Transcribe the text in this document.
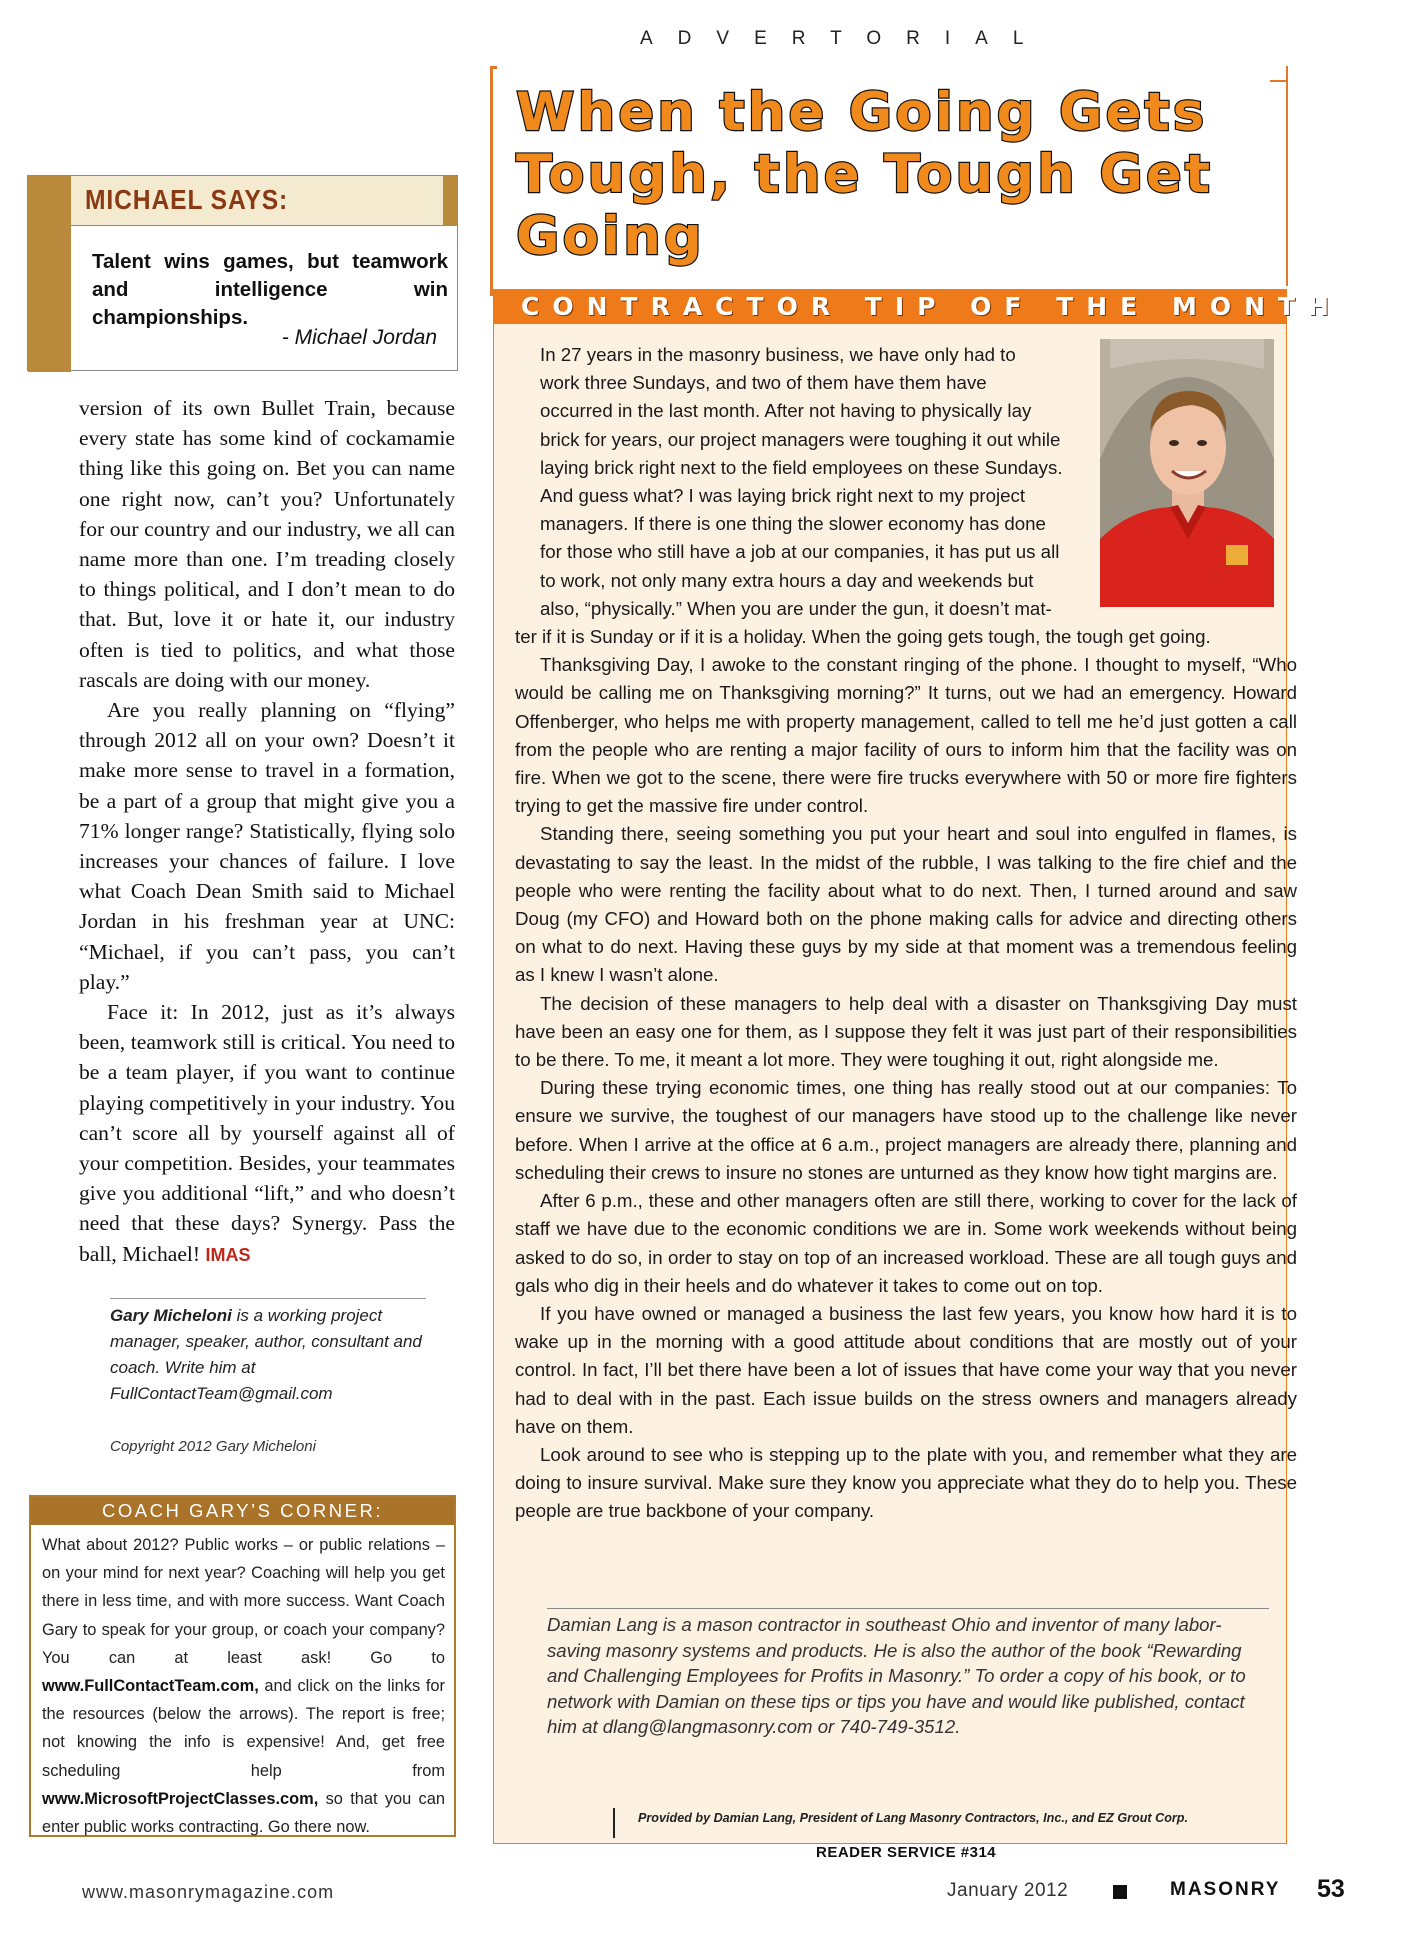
ADVERTORIAL
MICHAEL SAYS:
Talent wins games, but teamwork and intelligence win championships.
- Michael Jordan

version of its own Bullet Train, because every state has some kind of cockamamie thing like this going on. Bet you can name one right now, can’t you? Unfortunately for our country and our industry, we all can name more than one. I’m treading closely to things political, and I don’t mean to do that. But, love it or hate it, our industry often is tied to politics, and what those rascals are doing with our money.

Are you really planning on “flying” through 2012 all on your own? Doesn’t it make more sense to travel in a formation, be a part of a group that might give you a 71% longer range? Statistically, flying solo increases your chances of failure. I love what Coach Dean Smith said to Michael Jordan in his freshman year at UNC: “Michael, if you can’t pass, you can’t play.”

Face it: In 2012, just as it’s always been, teamwork still is critical. You need to be a team player, if you want to continue playing competitively in your industry. You can’t score all by yourself against all of your competition. Besides, your teammates give you additional “lift,” and who doesn’t need that these days? Synergy. Pass the ball, Michael! IMAS

Gary Micheloni is a working project manager, speaker, author, consultant and coach. Write him at FullContactTeam@gmail.com
Copyright 2012 Gary Micheloni
COACH GARY’S CORNER:
What about 2012? Public works – or public relations – on your mind for next year? Coaching will help you get there in less time, and with more success. Want Coach Gary to speak for your group, or coach your company? You can at least ask! Go to www.FullContactTeam.com, and click on the links for the resources (below the arrows). The report is free; not knowing the info is expensive! And, get free scheduling help from www.MicrosoftProjectClasses.com, so that you can enter public works contracting. Go there now.
When the Going Gets Tough, the Tough Get Going
CONTRACTOR TIP OF THE MONTH

In 27 years in the masonry business, we have only had to
work three Sundays, and two of them have them have
occurred in the last month. After not having to physically lay
brick for years, our project managers were toughing it out while
laying brick right next to the field employees on these Sundays.
And guess what? I was laying brick right next to my project
managers. If there is one thing the slower economy has done
for those who still have a job at our companies, it has put us all
to work, not only many extra hours a day and weekends but
also, “physically.” When you are under the gun, it doesn’t mat-
ter if it is Sunday or if it is a holiday. When the going gets tough, the tough get going.

Thanksgiving Day, I awoke to the constant ringing of the phone. I thought to myself, “Who would be calling me on Thanksgiving morning?” It turns, out we had an emergency. Howard Offenberger, who helps me with property management, called to tell me he’d just gotten a call from the people who are renting a major facility of ours to inform him that the facility was on fire. When we got to the scene, there were fire trucks everywhere with 50 or more fire fighters trying to get the massive fire under control.

Standing there, seeing something you put your heart and soul into engulfed in flames, is devastating to say the least. In the midst of the rubble, I was talking to the fire chief and the people who were renting the facility about what to do next. Then, I turned around and saw Doug (my CFO) and Howard both on the phone making calls for advice and directing others on what to do next. Having these guys by my side at that moment was a tremendous feeling as I knew I wasn’t alone.

The decision of these managers to help deal with a disaster on Thanksgiving Day must have been an easy one for them, as I suppose they felt it was just part of their responsibilities to be there. To me, it meant a lot more. They were toughing it out, right alongside me.

During these trying economic times, one thing has really stood out at our companies: To ensure we survive, the toughest of our managers have stood up to the challenge like never before. When I arrive at the office at 6 a.m., project managers are already there, planning and scheduling their crews to insure no stones are unturned as they know how tight margins are.

After 6 p.m., these and other managers often are still there, working to cover for the lack of staff we have due to the economic conditions we are in. Some work weekends without being asked to do so, in order to stay on top of an increased workload. These are all tough guys and gals who dig in their heels and do whatever it takes to come out on top.

If you have owned or managed a business the last few years, you know how hard it is to wake up in the morning with a good attitude about conditions that are mostly out of your control. In fact, I’ll bet there have been a lot of issues that have come your way that you never had to deal with in the past. Each issue builds on the stress owners and managers already have on them.

Look around to see who is stepping up to the plate with you, and remember what they are doing to insure survival. Make sure they know you appreciate what they do to help you. These people are true backbone of your company.

Damian Lang is a mason contractor in southeast Ohio and inventor of many labor-saving masonry systems and products. He is also the author of the book “Rewarding and Challenging Employees for Profits in Masonry.” To order a copy of his book, or to network with Damian on these tips or tips you have and would like published, contact him at dlang@langmasonry.com or 740-749-3512.
Provided by Damian Lang, President of Lang Masonry Contractors, Inc., and EZ Grout Corp.
READER SERVICE #314
www.masonrymagazine.com	January 2012	MASONRY 53
